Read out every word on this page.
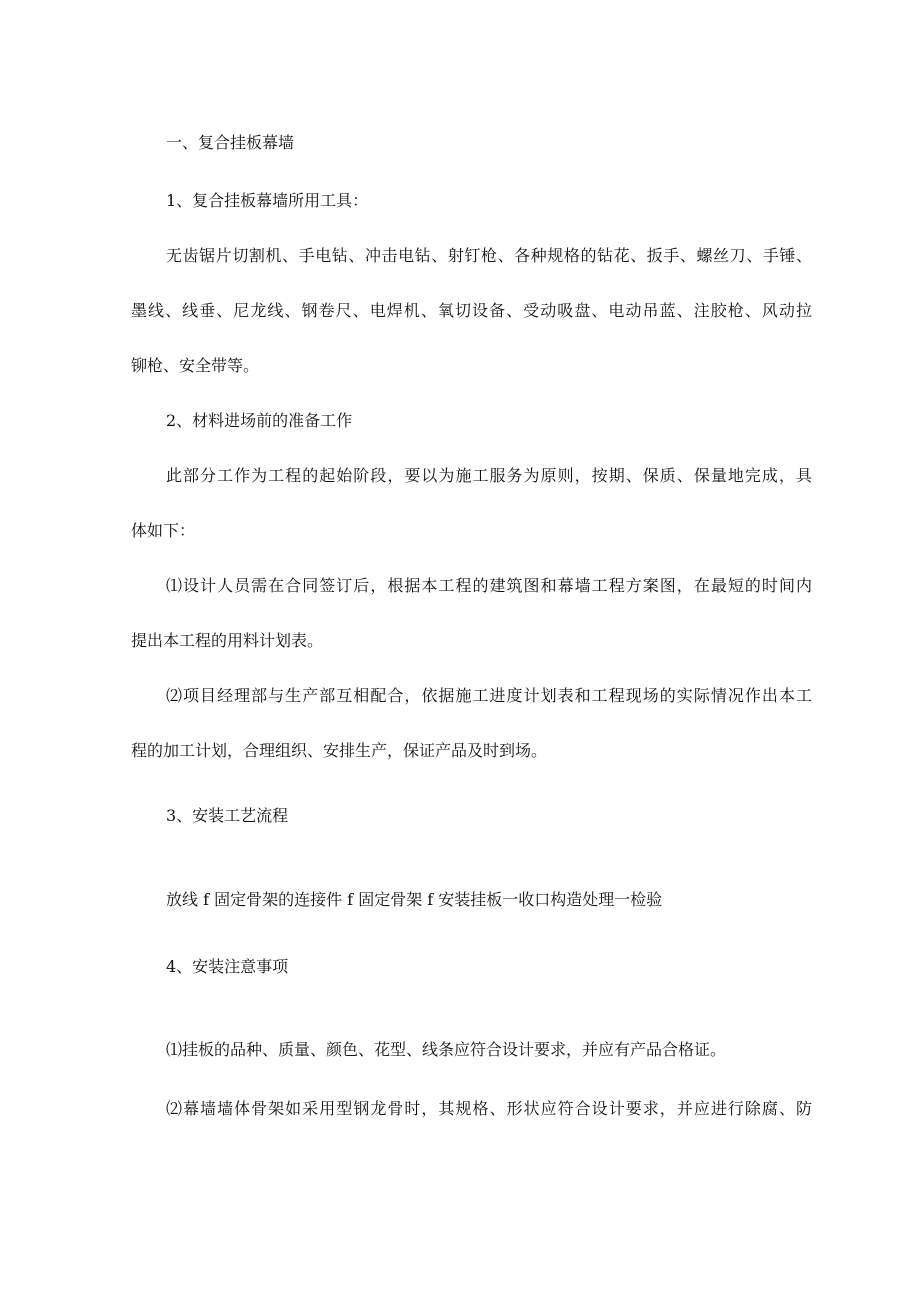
一、复合挂板幕墙

1、复合挂板幕墙所用工具：

无齿锯片切割机、手电钻、冲击电钻、射钉枪、各种规格的钻花、扳手、螺丝刀、手锤、

墨线、线垂、尼龙线、钢卷尺、电焊机、氧切设备、受动吸盘、电动吊蓝、注胶枪、风动拉

铆枪、安全带等。

2、材料进场前的准备工作

此部分工作为工程的起始阶段，要以为施工服务为原则，按期、保质、保量地完成，具

体如下：

⑴设计人员需在合同签订后，根据本工程的建筑图和幕墙工程方案图，在最短的时间内

提出本工程的用料计划表。

⑵项目经理部与生产部互相配合，依据施工进度计划表和工程现场的实际情况作出本工

程的加工计划，合理组织、安排生产，保证产品及时到场。

3、安装工艺流程

放线 f 固定骨架的连接件 f 固定骨架 f 安装挂板一收口构造处理一检验

4、安装注意事项

⑴挂板的品种、质量、颜色、花型、线条应符合设计要求，并应有产品合格证。

⑵幕墙墙体骨架如采用型钢龙骨时，其规格、形状应符合设计要求，并应进行除腐、防
